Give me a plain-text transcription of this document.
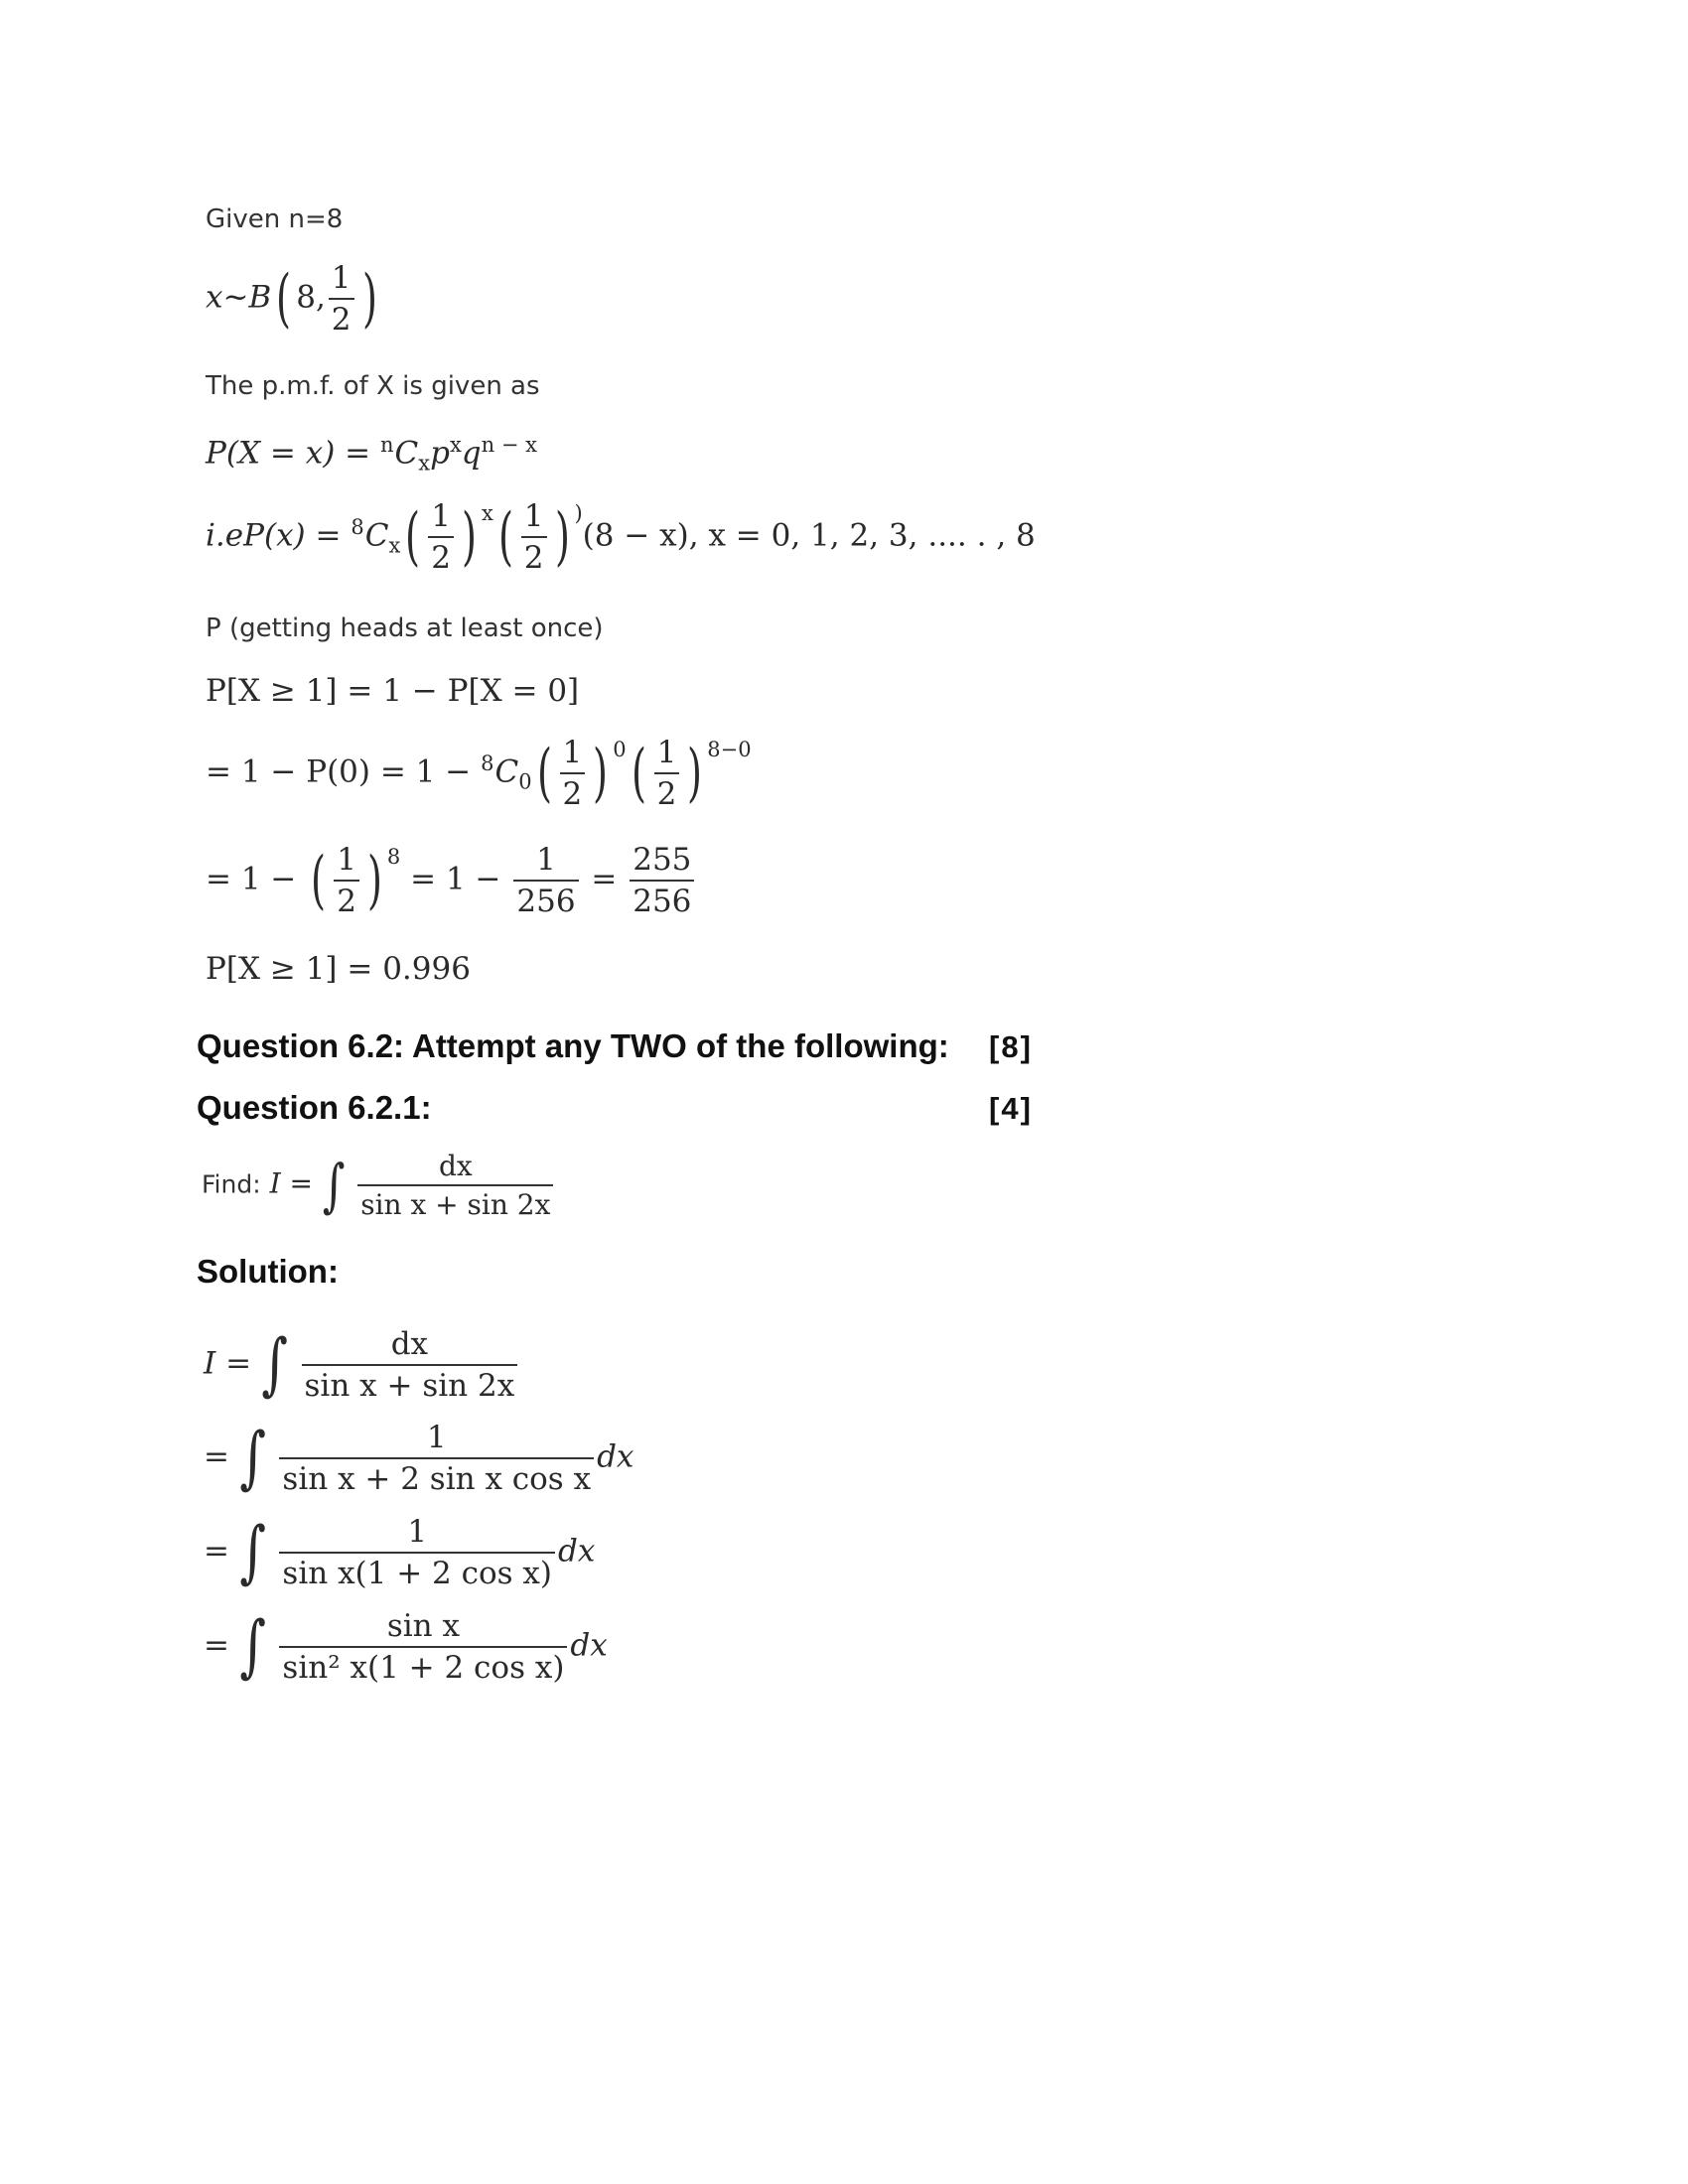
Given n=8
x~B( 8, $\frac{1}{2}$ )
The p.m.f. of X is given as
$P(X = x) = ^nC_xp^xq^{n - x}$
$i.eP(x) = ^8C_x( \frac{1}{2}$ ) $^x( \frac{1}{2}$ ) )(8 − x), x = 0, 1, 2, 3, .... . , 8
P (getting heads at least once)
P[X ≥ 1] = 1 − P[X = 0]
= $1 - P(0) = 1 - ^8C_0( \frac{1}{2}$ ) $^0( \frac{1}{2}$ ) $^{8-0}$
= 1 − ( $\frac{1}{2}$ ) $^8 = 1 - \frac{1}{256} = \frac{255}{256}$
P[X ≥ 1] = 0.996
Question 6.2: Attempt any TWO of the following: [8]
Question 6.2.1:	[4]
Find: I = ∫ $\frac{dx}{\text{sin x + sin 2x}}$
Solution:
I = ∫ $\frac{dx}{\text{sin x + sin 2x}}$
= ∫ $\frac{1}{\text{sin x + 2 sin x cos x}}$ dx
= ∫ $\frac{1}{\text{sin x(1 + 2 cos x)}}$ dx
= ∫ $\frac{\text{sin x}}{\text{sin² x(1 + 2 cos x)}}$ dx
